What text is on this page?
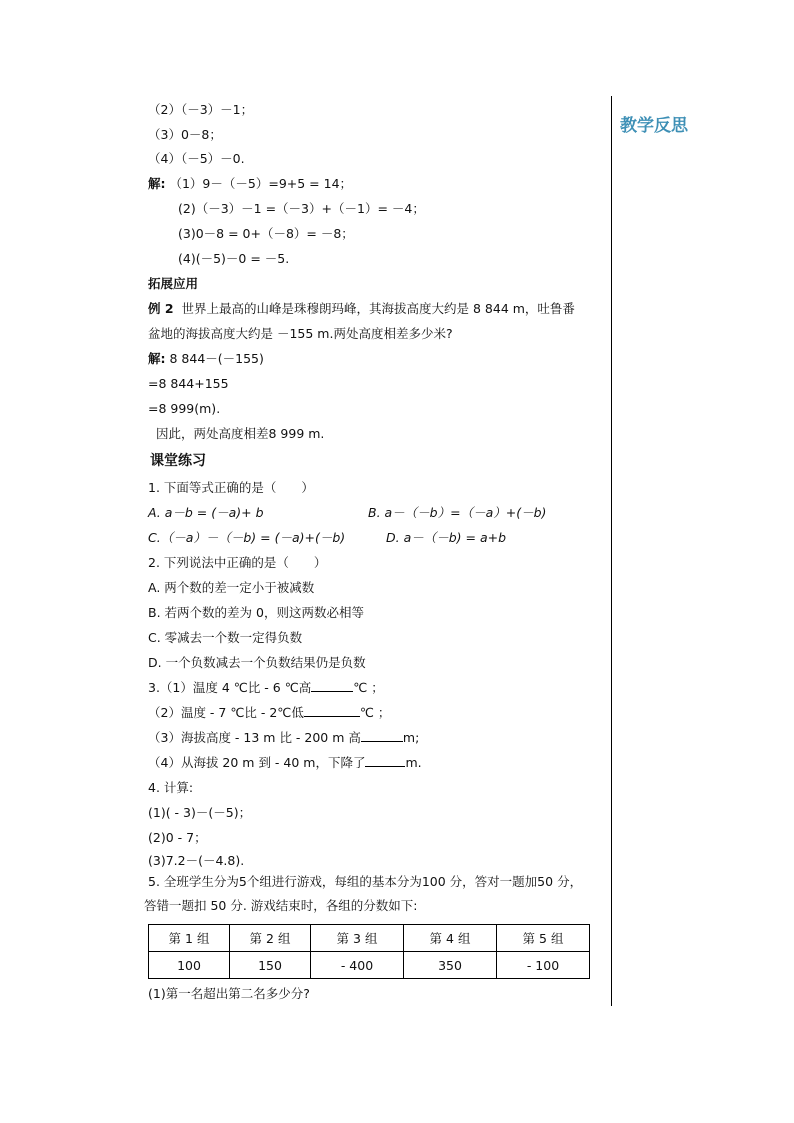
教学反思
（2）（－3）－1；
（3）0－8；
（4）（－5）－0.
解: （1）9－（－5）=9+5 = 14；
(2)（－3）－1 =（－3）+（－1）= －4；
(3)0－8 = 0+（－8）= －8；
(4)(－5)－0 = －5.
拓展应用
例 2 世界上最高的山峰是珠穆朗玛峰，其海拔高度大约是 8 844 m，吐鲁番
盆地的海拔高度大约是 －155 m.两处高度相差多少米?
解: 8 844－(－155)
=8 844+155
=8 999(m).
因此，两处高度相差8 999 m.
课堂练习
1. 下面等式正确的是（　　）
A. a－b = (－a)+ b	B. a－（－b）=（－a）+(－b)
C.（－a）－（－b) = (－a)+(－b)	D. a－（－b) = a+b
2. 下列说法中正确的是（　　）
A. 两个数的差一定小于被减数
B. 若两个数的差为 0，则这两数必相等
C. 零减去一个数一定得负数
D. 一个负数减去一个负数结果仍是负数
3.（1）温度 4 ℃比 - 6 ℃高	℃ ；
（2）温度 - 7 ℃比 - 2℃低	℃ ；
（3）海拔高度 - 13 m 比 - 200 m 高	m;
（4）从海拔 20 m 到 - 40 m，下降了	m.
4. 计算:
(1)( - 3)－(－5)；
(2)0 - 7；
(3)7.2－(－4.8).
5. 全班学生分为5个组进行游戏，每组的基本分为100 分，答对一题加50 分，
答错一题扣 50 分. 游戏结束时，各组的分数如下:
第 1 组	第 2 组	第 3 组	第 4 组	第 5 组
100	150	- 400	350	- 100
(1)第一名超出第二名多少分?
